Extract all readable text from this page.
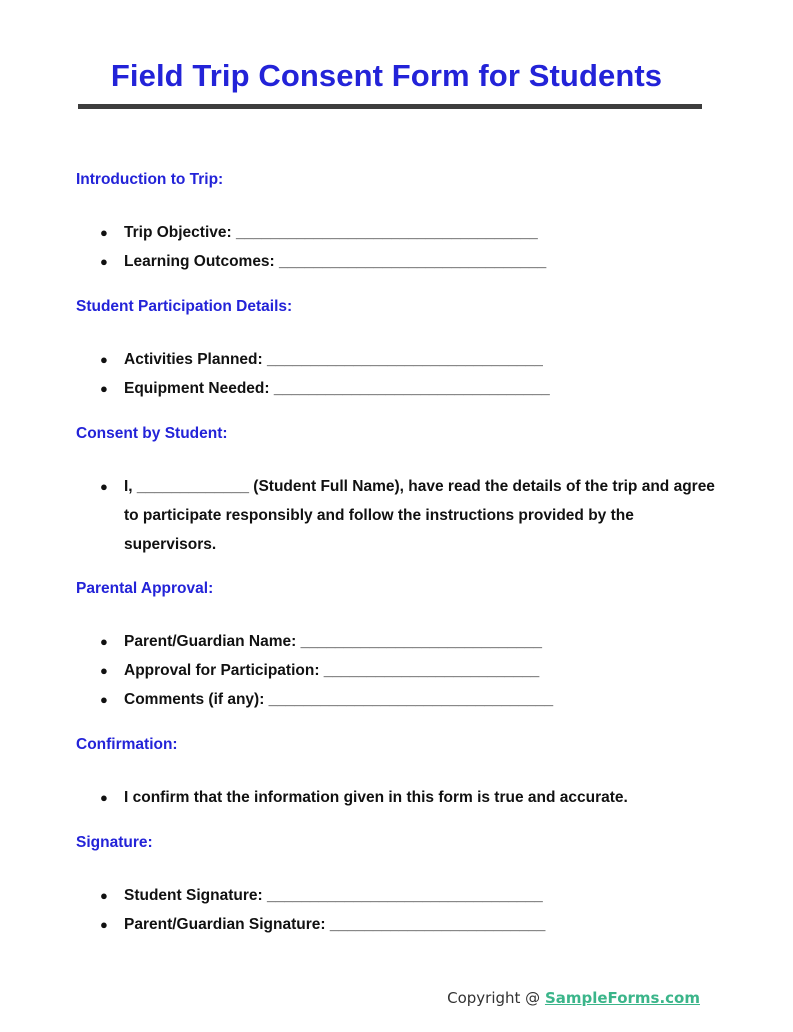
Field Trip Consent Form for Students
Introduction to Trip:
● Trip Objective: ___________________________________
● Learning Outcomes: _______________________________
Student Participation Details:
● Activities Planned: ________________________________
● Equipment Needed: ________________________________
Consent by Student:
● I, _____________ (Student Full Name), have read the details of the trip and agree to participate responsibly and follow the instructions provided by the supervisors.
Parental Approval:
● Parent/Guardian Name: ____________________________
● Approval for Participation: _________________________
● Comments (if any): _________________________________
Confirmation:
● I confirm that the information given in this form is true and accurate.
Signature:
● Student Signature: ________________________________
● Parent/Guardian Signature: _________________________
Copyright @ SampleForms.com
